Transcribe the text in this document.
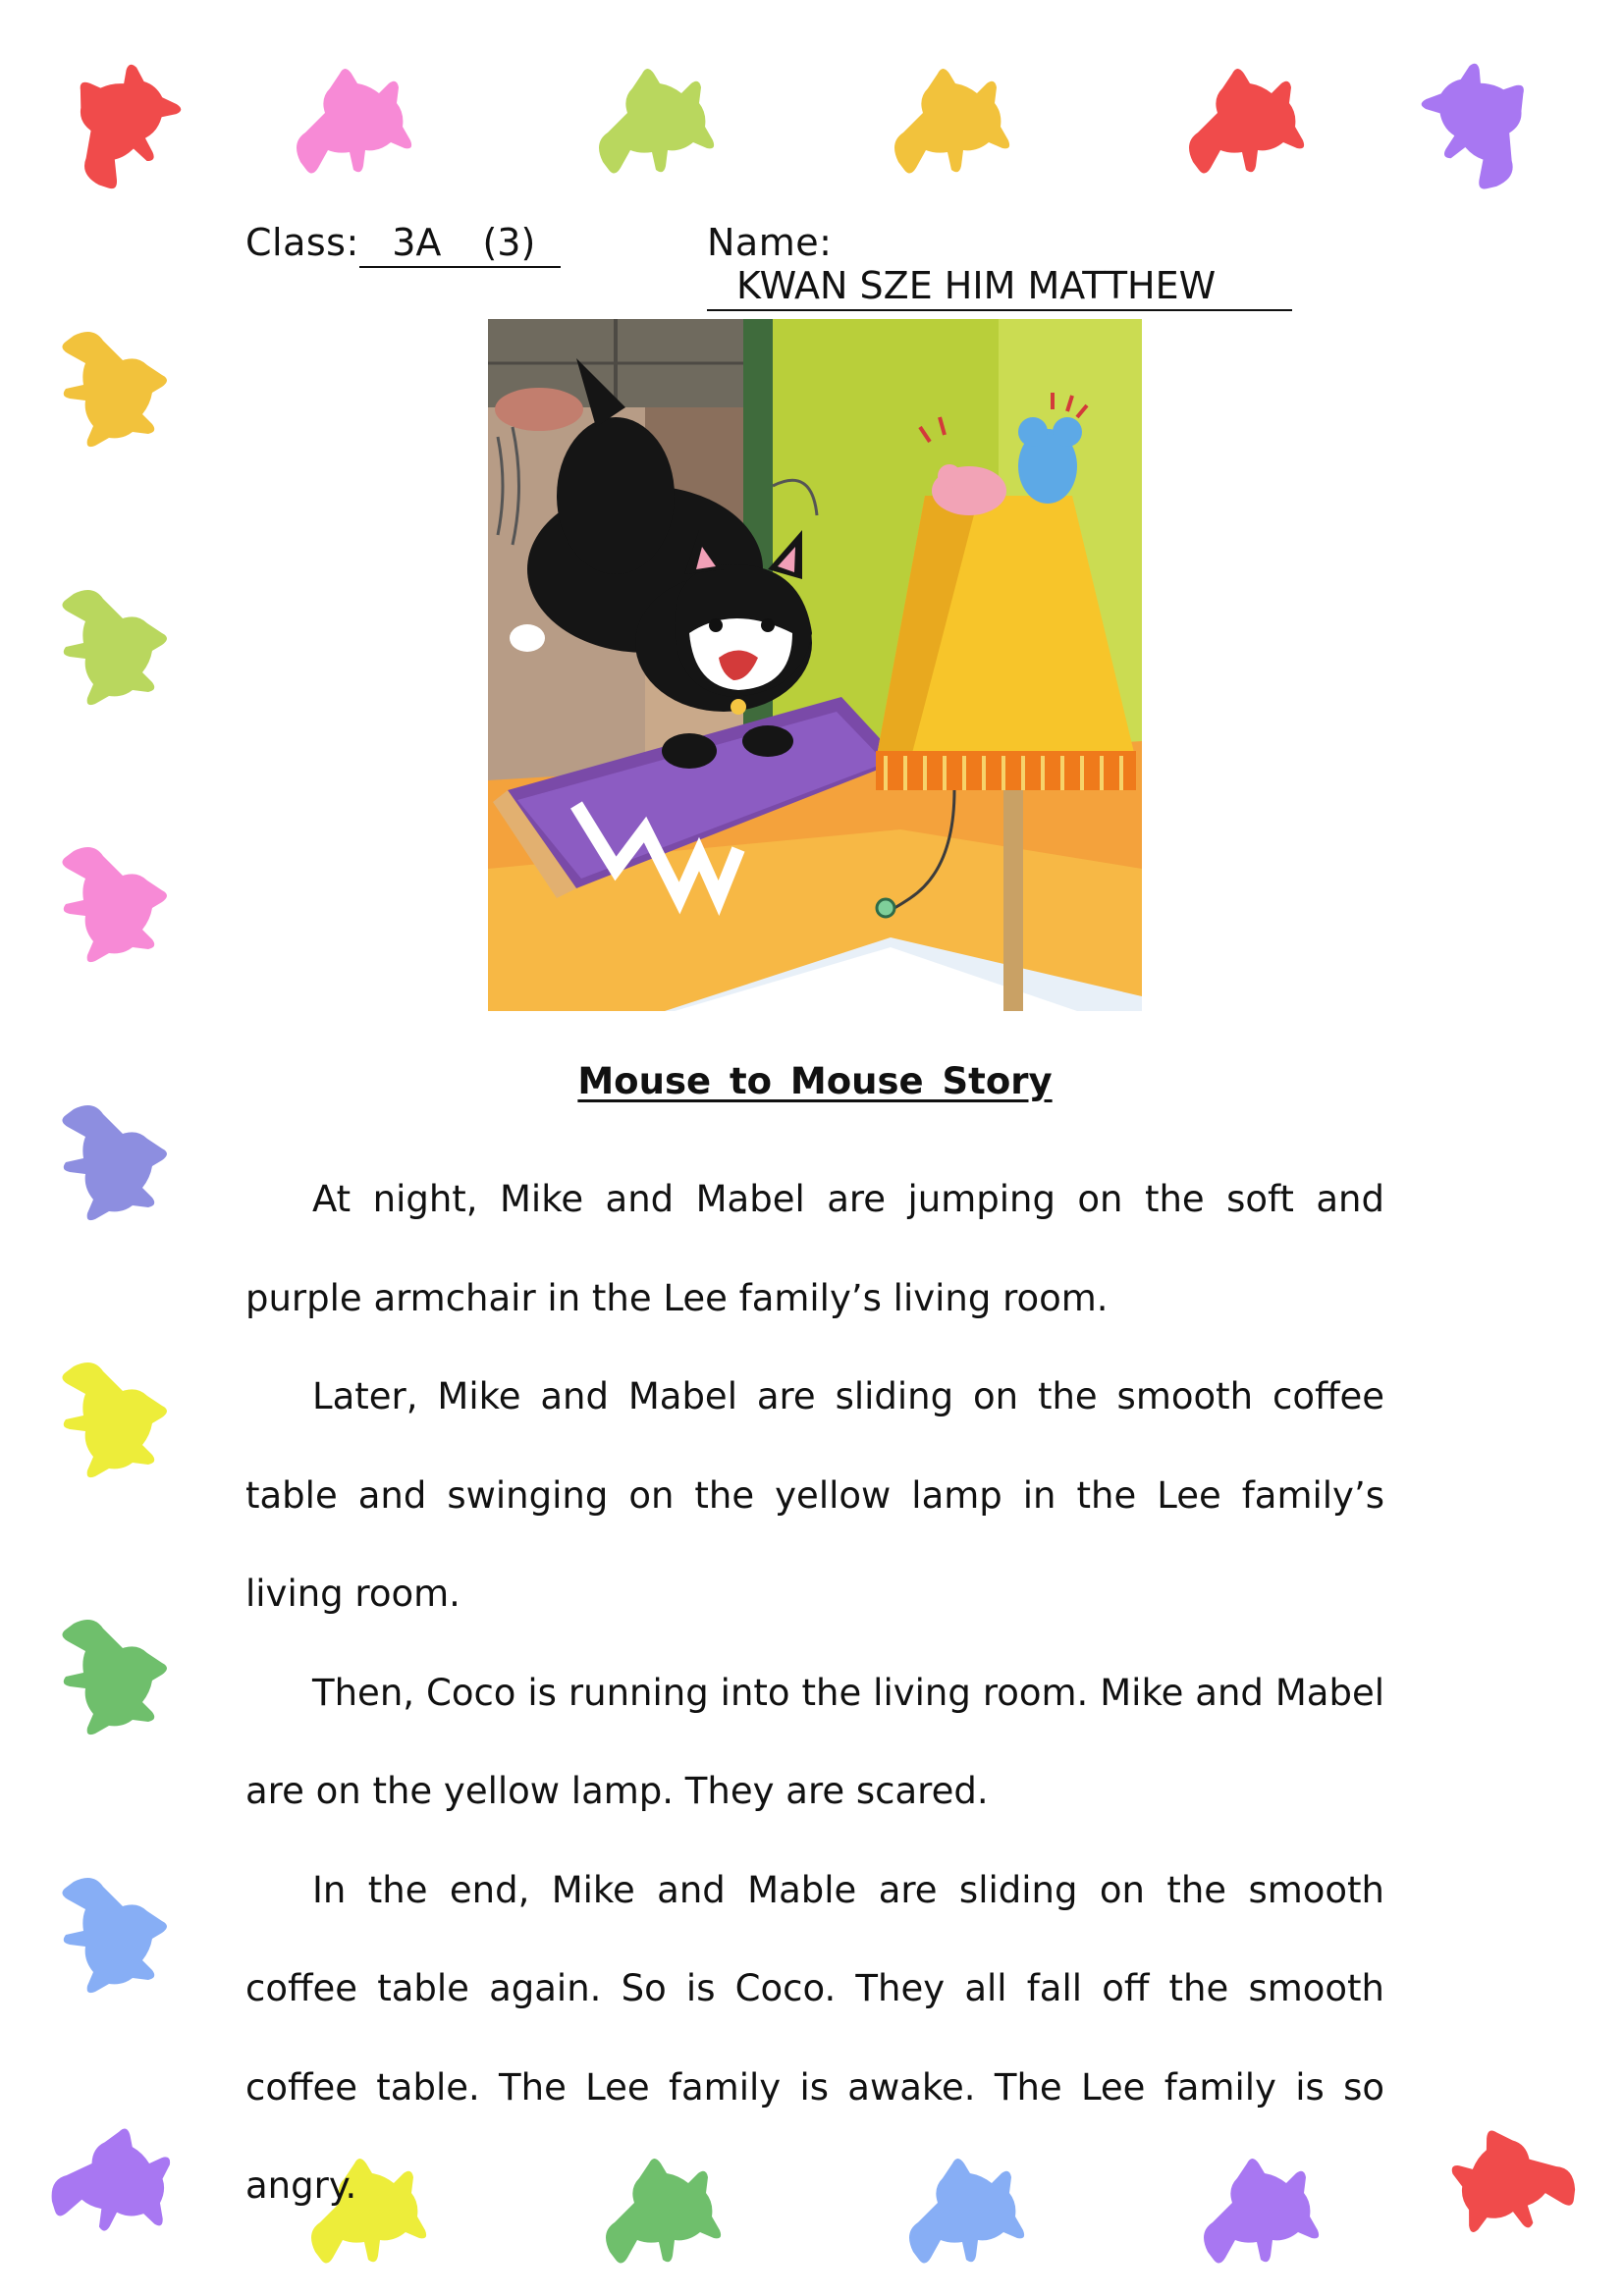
Class: 3A (3)	Name:KWAN SZE HIM MATTHEW
Mouse to Mouse Story

At night, Mike and Mabel are jumping on the soft and purple armchair in the Lee family’s living room.

Later, Mike and Mabel are sliding on the smooth coffee table and swinging on the yellow lamp in the Lee family’s living room.

Then, Coco is running into the living room. Mike and Mabel are on the yellow lamp. They are scared.

In the end, Mike and Mable are sliding on the smooth coffee table again. So is Coco. They all fall off the smooth coffee table. The Lee family is awake. The Lee family is so angry.
